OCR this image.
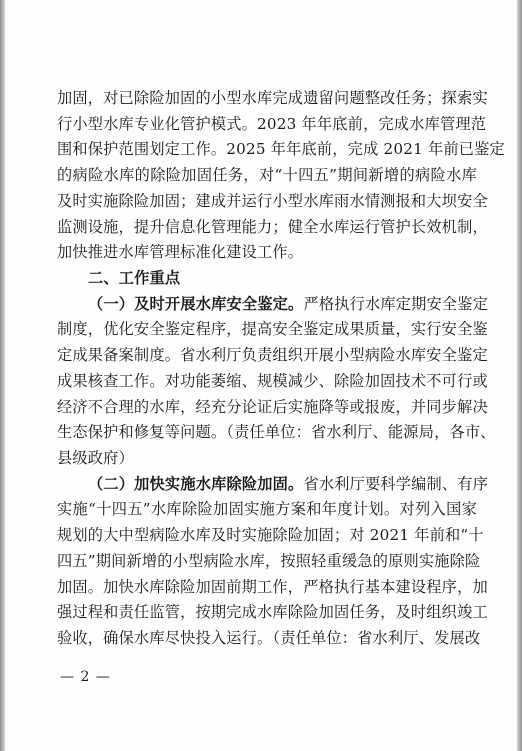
加固，对已除险加固的小型水库完成遗留问题整改任务；探索实
行小型水库专业化管护模式。2023 年年底前，完成水库管理范
围和保护范围划定工作。2025 年年底前，完成 2021 年前已鉴定
的病险水库的除险加固任务，对“十四五”期间新增的病险水库
及时实施除险加固；建成并运行小型水库雨水情测报和大坝安全
监测设施，提升信息化管理能力；健全水库运行管护长效机制，
加快推进水库管理标准化建设工作。
二、工作重点
（一）及时开展水库安全鉴定。严格执行水库定期安全鉴定
制度，优化安全鉴定程序，提高安全鉴定成果质量，实行安全鉴
定成果备案制度。省水利厅负责组织开展小型病险水库安全鉴定
成果核查工作。对功能萎缩、规模减少、除险加固技术不可行或
经济不合理的水库，经充分论证后实施降等或报废，并同步解决
生态保护和修复等问题。（责任单位：省水利厅、能源局，各市、
县级政府）
（二）加快实施水库除险加固。省水利厅要科学编制、有序
实施“十四五”水库除险加固实施方案和年度计划。对列入国家
规划的大中型病险水库及时实施除险加固；对 2021 年前和“十
四五”期间新增的小型病险水库，按照轻重缓急的原则实施除险
加固。加快水库除险加固前期工作，严格执行基本建设程序，加
强过程和责任监管，按期完成水库除险加固任务，及时组织竣工
验收，确保水库尽快投入运行。（责任单位：省水利厅、发展改
— 2 —
